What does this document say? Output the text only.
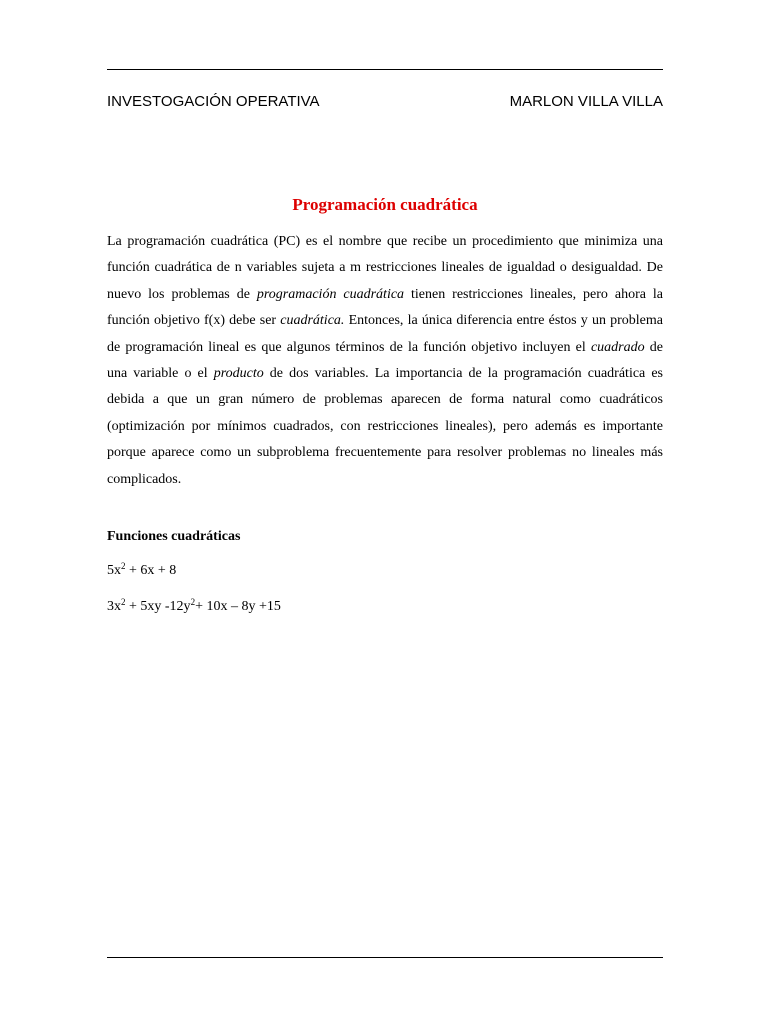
INVESTOGACIÓN OPERATIVA	MARLON VILLA VILLA
Programación cuadrática
La programación cuadrática (PC) es el nombre que recibe un procedimiento que minimiza una función cuadrática de n variables sujeta a m restricciones lineales de igualdad o desigualdad. De nuevo los problemas de programación cuadrática tienen restricciones lineales, pero ahora la función objetivo f(x) debe ser cuadrática. Entonces, la única diferencia entre éstos y un problema de programación lineal es que algunos términos de la función objetivo incluyen el cuadrado de una variable o el producto de dos variables. La importancia de la programación cuadrática es debida a que un gran número de problemas aparecen de forma natural como cuadráticos (optimización por mínimos cuadrados, con restricciones lineales), pero además es importante porque aparece como un subproblema frecuentemente para resolver problemas no lineales más complicados.
Funciones cuadráticas
$5x^2 + 6x + 8$
$3x^2 + 5xy$ $-12y^2+ 10x - 8y +15$
